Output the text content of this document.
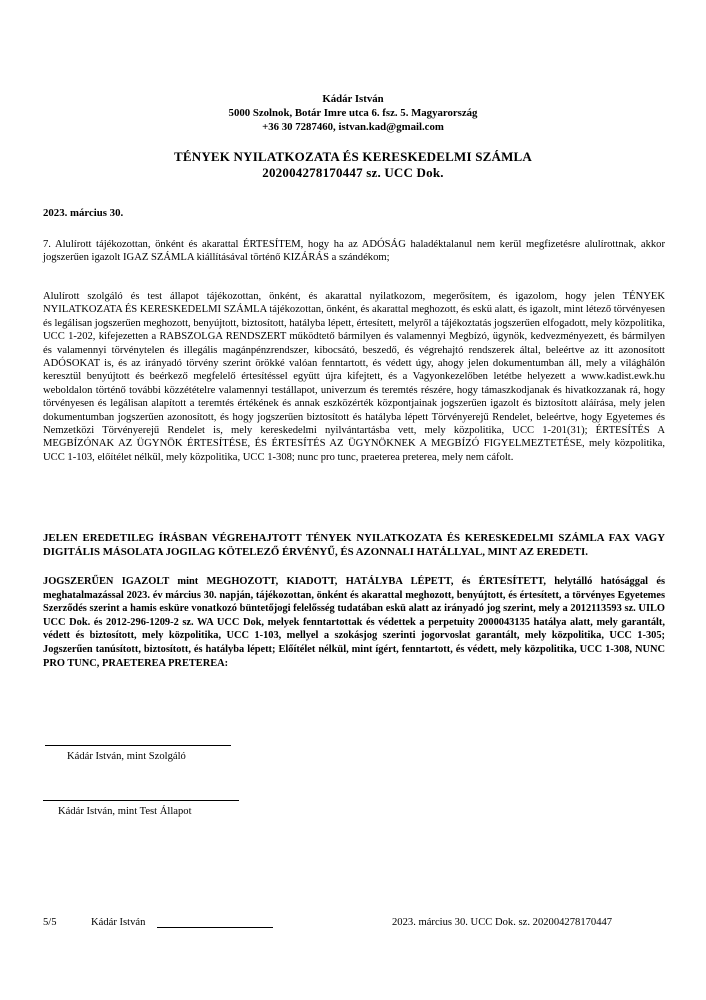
Kádár István
5000 Szolnok, Botár Imre utca 6. fsz. 5. Magyarország
+36 30 7287460, istvan.kad@gmail.com
TÉNYEK NYILATKOZATA ÉS KERESKEDELMI SZÁMLA
202004278170447 sz. UCC Dok.
2023. március 30.
7. Alulírott tájékozottan, önként és akarattal ÉRTESÍTEM, hogy ha az ADÓSÁG haladéktalanul nem kerül megfizetésre alulírottnak, akkor jogszerűen igazolt IGAZ SZÁMLA kiállításával történő KIZÁRÁS a szándékom;
Alulírott szolgáló és test állapot tájékozottan, önként, és akarattal nyilatkozom, megerősítem, és igazolom, hogy jelen TÉNYEK NYILATKOZATA ÉS KERESKEDELMI SZÁMLA tájékozottan, önként, és akarattal meghozott, és eskü alatt, és igazolt, mint létező törvényesen és legálisan jogszerűen meghozott, benyújtott, biztosított, hatályba lépett, értesített, melyről a tájékoztatás jogszerűen elfogadott, mely közpolitika, UCC 1-202, kifejezetten a RABSZOLGA RENDSZERT működtető bármilyen és valamennyi Megbízó, ügynök, kedvezményezett, és bármilyen és valamennyi törvénytelen és illegális magánpénzrendszer, kibocsátó, beszedő, és végrehajtó rendszerek által, beleértve az itt azonosított ADÓSOKAT is, és az irányadó törvény szerint örökké valóan fenntartott, és védett úgy, ahogy jelen dokumentumban áll, mely a világhálón keresztül benyújtott és beérkező megfelelő értesítéssel együtt újra kifejtett, és a Vagyonkezelőben letétbe helyezett a www.kadist.ewk.hu weboldalon történő további közzétételre valamennyi testállapot, univerzum és teremtés részére, hogy támaszkodjanak és hivatkozzanak rá, hogy törvényesen és legálisan alapított a teremtés értékének és annak eszközérték központjainak jogszerűen igazolt és biztosított aláírása, mely jelen dokumentumban jogszerűen azonosított, és hogy jogszerűen biztosított és hatályba lépett Törvényerejű Rendelet, beleértve, hogy Egyetemes és Nemzetközi Törvényerejű Rendelet is, mely kereskedelmi nyilvántartásba vett, mely közpolitika, UCC 1-201(31); ÉRTESÍTÉS A MEGBÍZÓNAK AZ ÜGYNÖK ÉRTESÍTÉSE, ÉS ÉRTESÍTÉS AZ ÜGYNÖKNEK A MEGBÍZÓ FIGYELMEZTETÉSE, mely közpolitika, UCC 1-103, előítélet nélkül, mely közpolitika, UCC 1-308; nunc pro tunc, praeterea preterea, mely nem cáfolt.
JELEN EREDETILEG ÍRÁSBAN VÉGREHAJTOTT TÉNYEK NYILATKOZATA ÉS KERESKEDELMI SZÁMLA FAX VAGY DIGITÁLIS MÁSOLATA JOGILAG KÖTELEZŐ ÉRVÉNYŰ, ÉS AZONNALI HATÁLLYAL, MINT AZ EREDETI.
JOGSZERŰEN IGAZOLT mint MEGHOZOTT, KIADOTT, HATÁLYBA LÉPETT, és ÉRTESÍTETT, helytálló hatósággal és meghatalmazással 2023. év március 30. napján, tájékozottan, önként és akarattal meghozott, benyújtott, és értesített, a törvényes Egyetemes Szerződés szerint a hamis esküre vonatkozó büntetőjogi felelősség tudatában eskü alatt az irányadó jog szerint, mely a 2012113593 sz. UILO UCC Dok. és 2012-296-1209-2 sz. WA UCC Dok, melyek fenntartottak és védettek a perpetuity 2000043135 hatálya alatt, mely garantált, védett és biztosított, mely közpolitika, UCC 1-103, mellyel a szokásjog szerinti jogorvoslat garantált, mely közpolitika, UCC 1-305; Jogszerűen tanúsított, biztosított, és hatályba lépett; Előítélet nélkül, mint ígért, fenntartott, és védett, mely közpolitika, UCC 1-308, NUNC PRO TUNC, PRAETEREA PRETEREA:
Kádár István, mint Szolgáló
Kádár István, mint Test Állapot
5/5	Kádár István	2023. március 30. UCC Dok. sz. 202004278170447
